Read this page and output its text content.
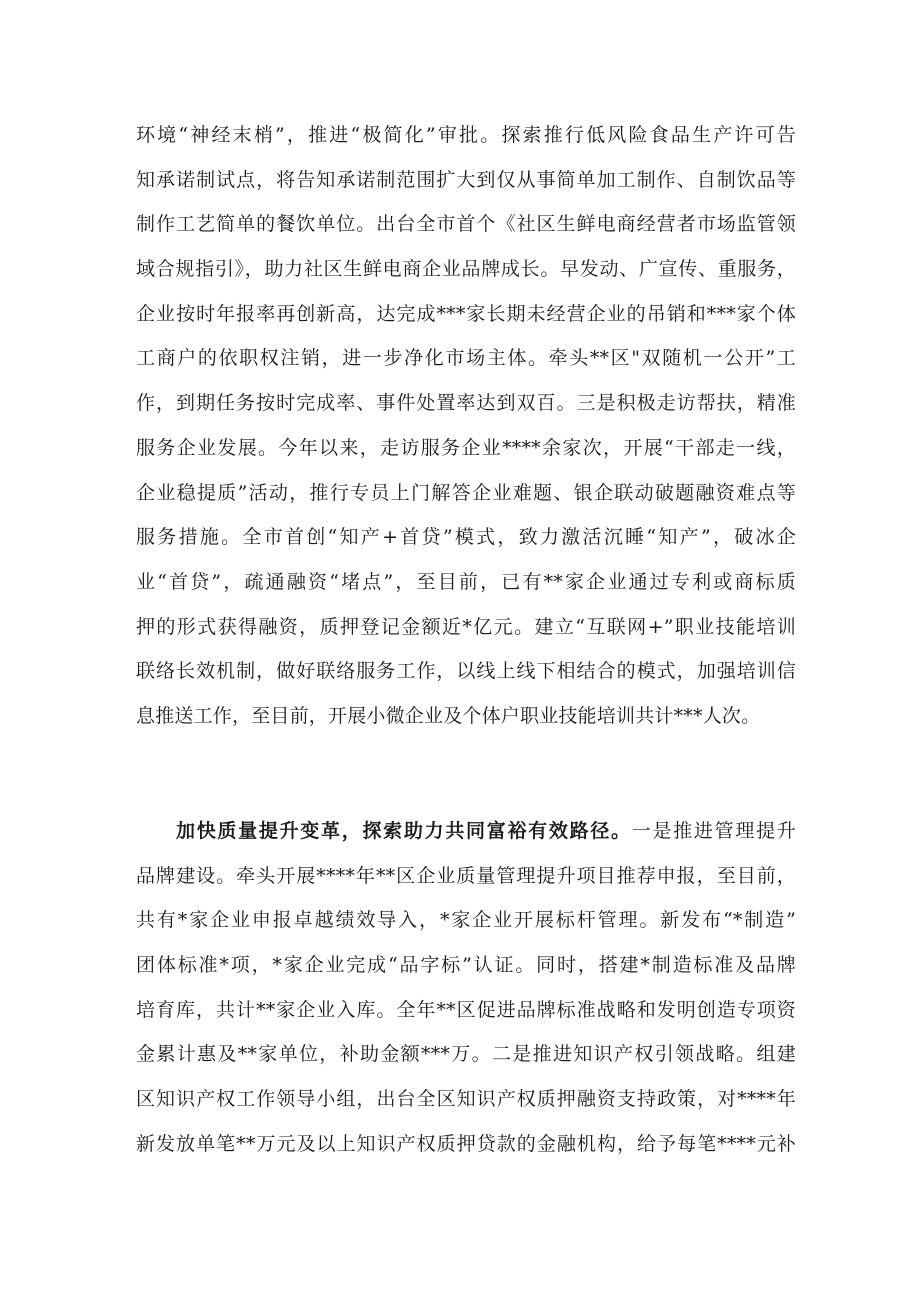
环境“神经末梢”，推进“极简化”审批。探索推行低风险食品生产许可告
知承诺制试点，将告知承诺制范围扩大到仅从事简单加工制作、自制饮品等
制作工艺简单的餐饮单位。出台全市首个《社区生鲜电商经营者市场监管领
域合规指引》，助力社区生鲜电商企业品牌成长。早发动、广宣传、重服务，
企业按时年报率再创新高，达完成***家长期未经营企业的吊销和***家个体
工商户的依职权注销，进一步净化市场主体。牵头**区"双随机一公开”工
作，到期任务按时完成率、事件处置率达到双百。三是积极走访帮扶，精准
服务企业发展。今年以来，走访服务企业****余家次，开展“干部走一线，
企业稳提质”活动，推行专员上门解答企业难题、银企联动破题融资难点等
服务措施。全市首创“知产+首贷”模式，致力激活沉睡“知产”，破冰企
业“首贷”，疏通融资“堵点”，至目前，已有**家企业通过专利或商标质
押的形式获得融资，质押登记金额近*亿元。建立“互联网+”职业技能培训
联络长效机制，做好联络服务工作，以线上线下相结合的模式，加强培训信
息推送工作，至目前，开展小微企业及个体户职业技能培训共计***人次。
加快质量提升变革，探索助力共同富裕有效路径。一是推进管理提升
品牌建设。牵头开展****年**区企业质量管理提升项目推荐申报，至目前，
共有*家企业申报卓越绩效导入，*家企业开展标杆管理。新发布“*制造”
团体标准*项，*家企业完成“品字标”认证。同时，搭建*制造标准及品牌
培育库，共计**家企业入库。全年**区促进品牌标准战略和发明创造专项资
金累计惠及**家单位，补助金额***万。二是推进知识产权引领战略。组建
区知识产权工作领导小组，出台全区知识产权质押融资支持政策，对****年
新发放单笔**万元及以上知识产权质押贷款的金融机构，给予每笔****元补
